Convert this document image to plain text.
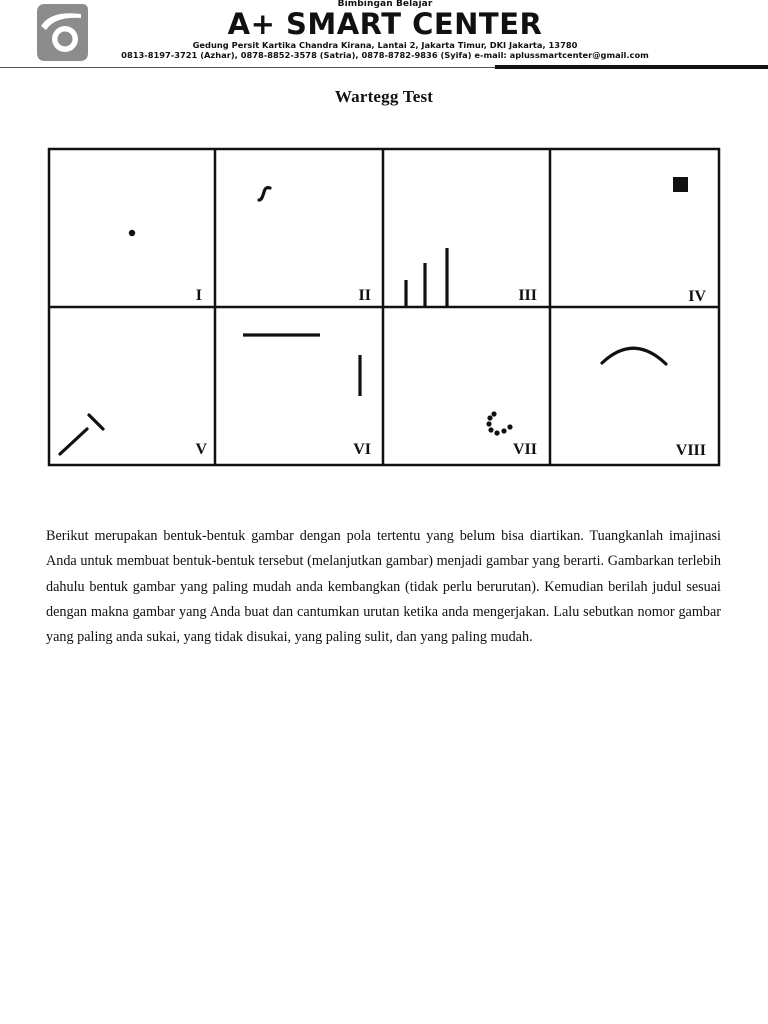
Bimbingan Belajar
A+ SMART CENTER
Gedung Persit Kartika Chandra Kirana, Lantai 2, Jakarta Timur, DKI Jakarta, 13780
0813-8197-3721 (Azhar), 0878-8852-3578 (Satria), 0878-8782-9836 (Syifa) e-mail: aplussmartcenter@gmail.com
Wartegg Test
I	II	III	IV
V	VI	VII	VIII

Berikut merupakan bentuk-bentuk gambar dengan pola tertentu yang belum bisa diartikan. Tuangkanlah imajinasi Anda untuk membuat bentuk-bentuk tersebut (melanjutkan gambar) menjadi gambar yang berarti. Gambarkan terlebih dahulu bentuk gambar yang paling mudah anda kembangkan (tidak perlu berurutan). Kemudian berilah judul sesuai dengan makna gambar yang Anda buat dan cantumkan urutan ketika anda mengerjakan. Lalu sebutkan nomor gambar yang paling anda sukai, yang tidak disukai, yang paling sulit, dan yang paling mudah.
